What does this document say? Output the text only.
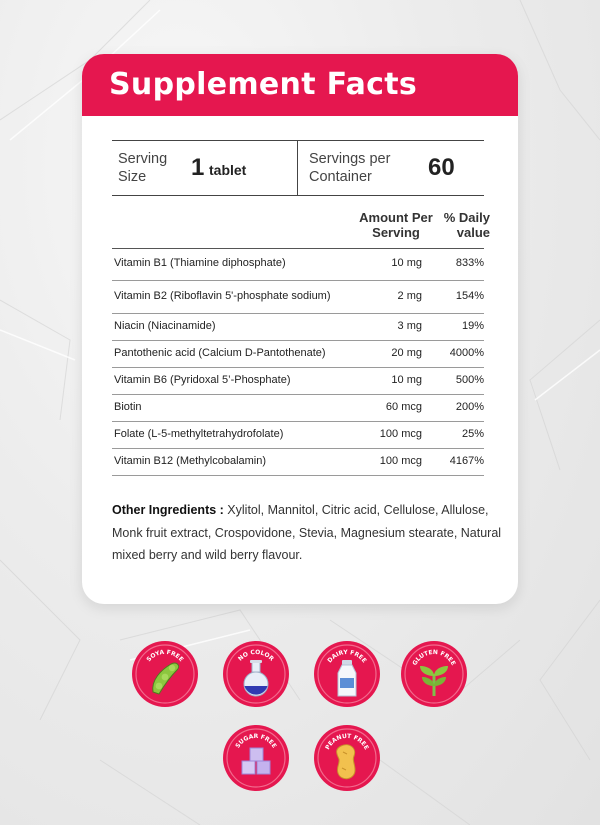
Supplement Facts
Serving Size	1 tablet
Servings per Container	60
Amount Per Serving
% Daily value
Vitamin B1 (Thiamine diphosphate)	10 mg	833%
Vitamin B2 (Riboflavin 5'-phosphate sodium)	2 mg	154%
Niacin (Niacinamide)	3 mg	19%
Pantothenic acid (Calcium D-Pantothenate)	20 mg	4000%
Vitamin B6 (Pyridoxal 5’-Phosphate)	10 mg	500%
Biotin	60 mcg	200%
Folate (L-5-methyltetrahydrofolate)	100 mcg	25%
Vitamin B12 (Methylcobalamin)	100 mcg	4167%
Other Ingredients : Xylitol, Mannitol, Citric acid, Cellulose, Allulose, Monk fruit extract, Crospovidone, Stevia, Magnesium stearate, Natural mixed berry and wild berry flavour.
SOYA FREE	NO COLOR	DAIRY FREE	GLUTEN FREE
SUGAR FREE	PEANUT FREE
